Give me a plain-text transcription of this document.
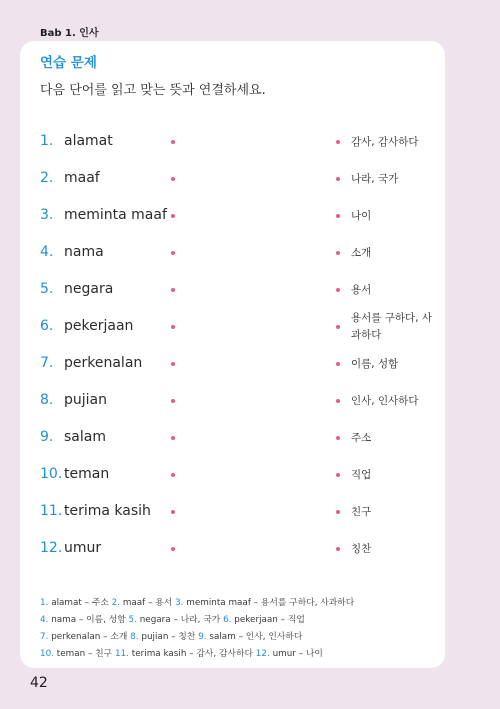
Bab 1. 인사
연습 문제
다음 단어를 읽고 맞는 뜻과 연결하세요.
1. alamat	감사, 감사하다
2. maaf	나라, 국가
3. meminta maaf	나이
4. nama	소개
5. negara	용서
6. pekerjaan	용서를 구하다, 사과하다
7. perkenalan	이름, 성함
8. pujian	인사, 인사하다
9. salam	주소
10. teman	직업
11. terima kasih	친구
12. umur	칭찬
1. alamat – 주소 2. maaf – 용서 3. meminta maaf – 용서를 구하다, 사과하다
4. nama – 이름, 성함 5. negara – 나라, 국가 6. pekerjaan – 직업
7. perkenalan – 소개 8. pujian – 칭찬 9. salam – 인사, 인사하다
10. teman – 친구 11. terima kasih – 감사, 감사하다 12. umur – 나이
42
